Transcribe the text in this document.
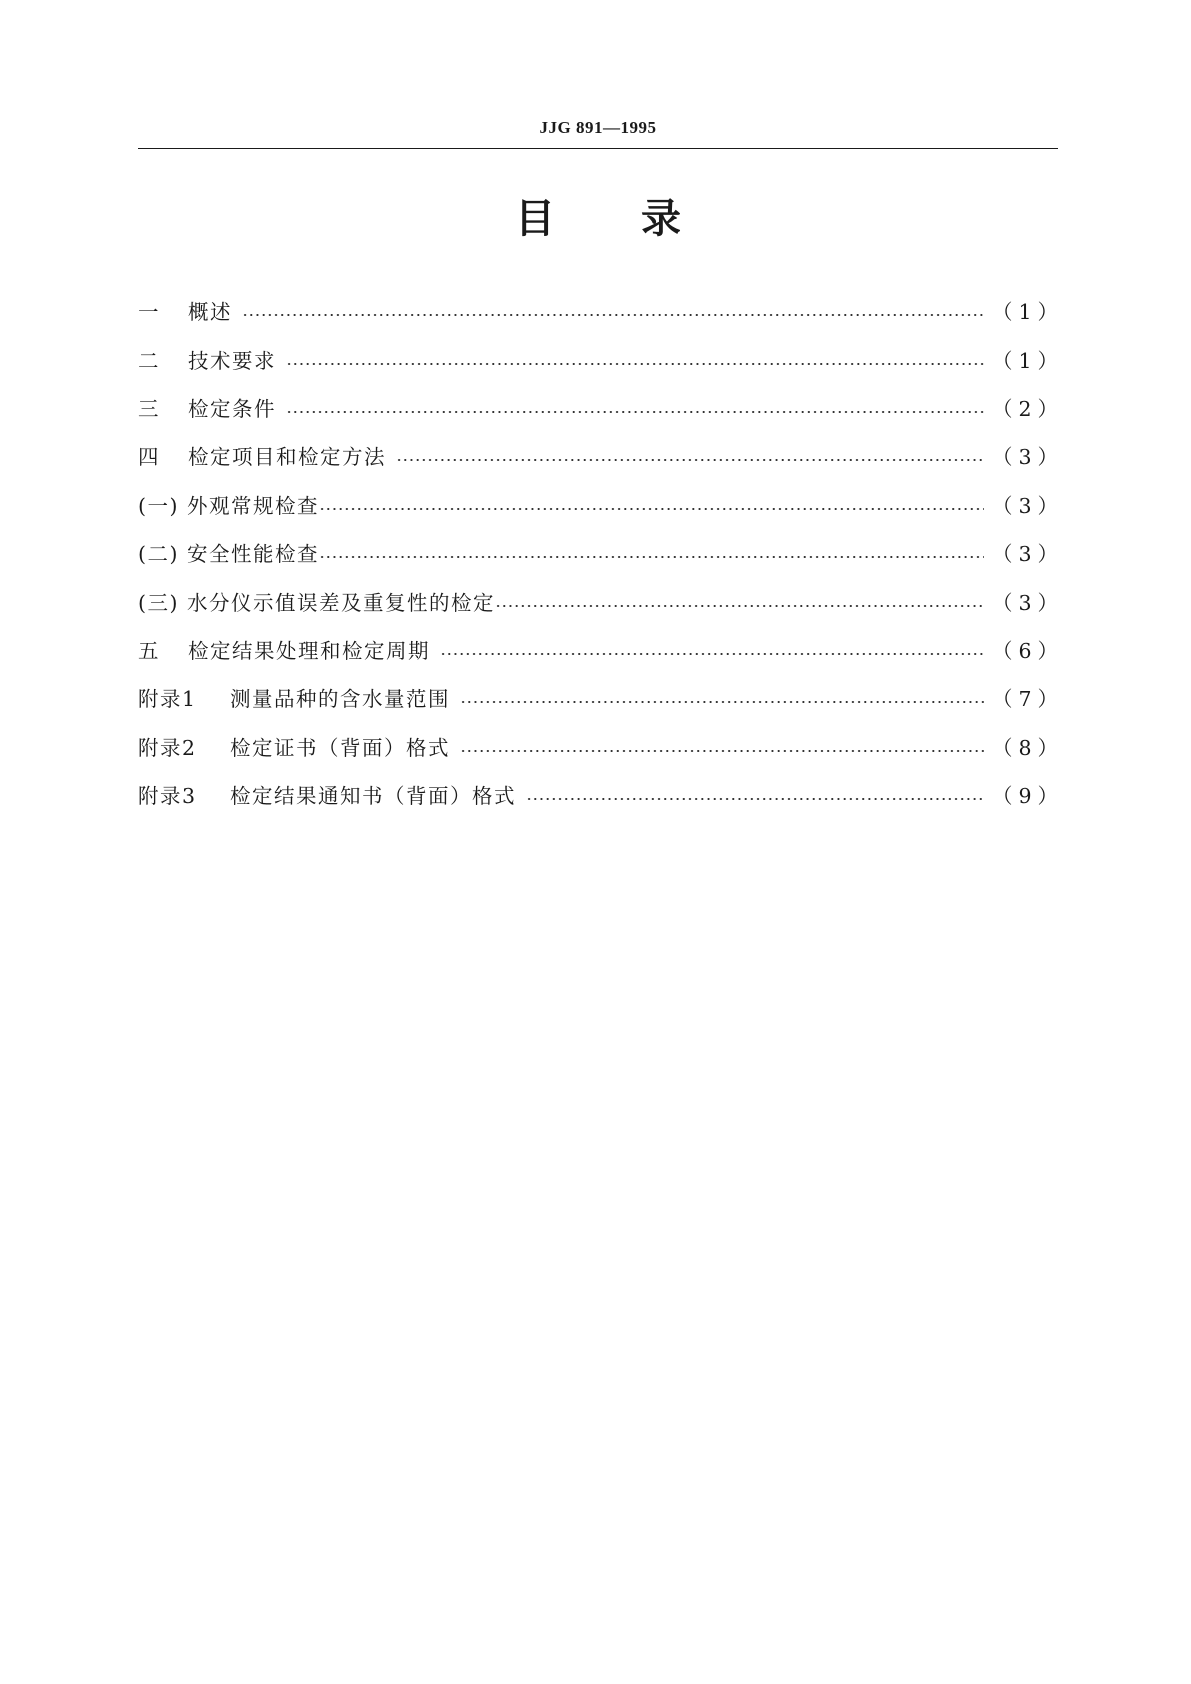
JJG 891—1995
目 录
一	概述	（1）
二	技术要求	（1）
三	检定条件	（2）
四	检定项目和检定方法	（3）
(一) 外观常规检查	（3）
(二) 安全性能检查	（3）
(三) 水分仪示值误差及重复性的检定	（3）
五	检定结果处理和检定周期	（6）
附录1	测量品种的含水量范围	（7）
附录2	检定证书（背面）格式	（8）
附录3	检定结果通知书（背面）格式	（9）
